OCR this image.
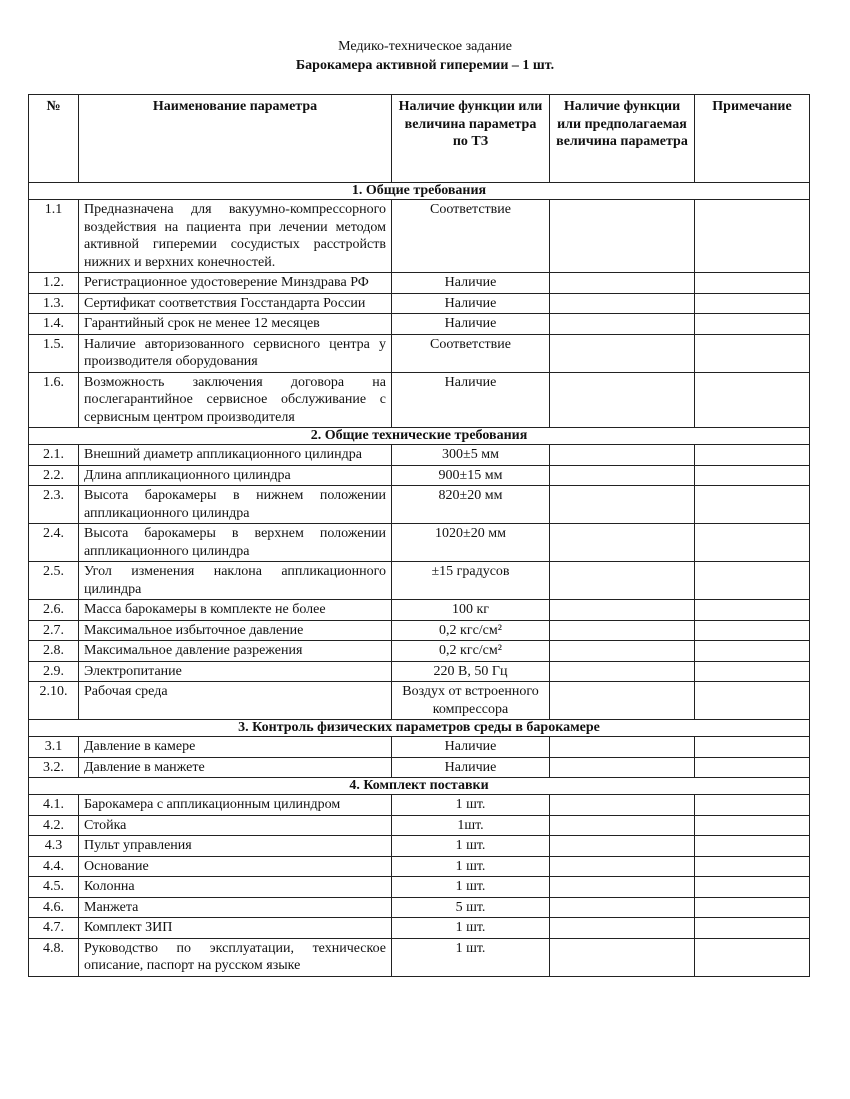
Медико-техническое задание
Барокамера активной гиперемии – 1 шт.
№	Наименование параметра	Наличие функции или величина параметра по ТЗ	Наличие функции или предполагаемая величина параметра	Примечание
1. Общие требования				
1.1	Предназначена для вакуумно-компрессорного воздействия на пациента при лечении методом активной гиперемии сосудистых расстройств нижних и верхних конечностей.	Соответствие		
1.2.	Регистрационное удостоверение Минздрава РФ	Наличие		
1.3.	Сертификат соответствия Госстандарта России	Наличие		
1.4.	Гарантийный срок не менее 12 месяцев	Наличие		
1.5.	Наличие авторизованного сервисного центра у производителя оборудования	Соответствие		
1.6.	Возможность заключения договора на послегарантийное сервисное обслуживание с сервисным центром производителя	Наличие		
2. Общие технические требования				
2.1.	Внешний диаметр аппликационного цилиндра	300±5 мм		
2.2.	Длина аппликационного цилиндра	900±15 мм		
2.3.	Высота барокамеры в нижнем положении аппликационного цилиндра	820±20 мм		
2.4.	Высота барокамеры в верхнем положении аппликационного цилиндра	1020±20 мм		
2.5.	Угол изменения наклона аппликационного цилиндра	±15 градусов		
2.6.	Масса барокамеры в комплекте не более	100 кг		
2.7.	Максимальное избыточное давление	0,2 кгс/см²		
2.8.	Максимальное давление разрежения	0,2 кгс/см²		
2.9.	Электропитание	220 В, 50 Гц		
2.10.	Рабочая среда	Воздух от встроенного компрессора		
3. Контроль физических параметров среды в барокамере				
3.1	Давление в камере	Наличие		
3.2.	Давление в манжете	Наличие		
4. Комплект поставки				
4.1.	Барокамера с аппликационным цилиндром	1 шт.		
4.2.	Стойка	1шт.		
4.3	Пульт управления	1 шт.		
4.4.	Основание	1 шт.		
4.5.	Колонна	1 шт.		
4.6.	Манжета	5 шт.		
4.7.	Комплект ЗИП	1 шт.		
4.8.	Руководство по эксплуатации, техническое описание, паспорт на русском языке	1 шт.		
